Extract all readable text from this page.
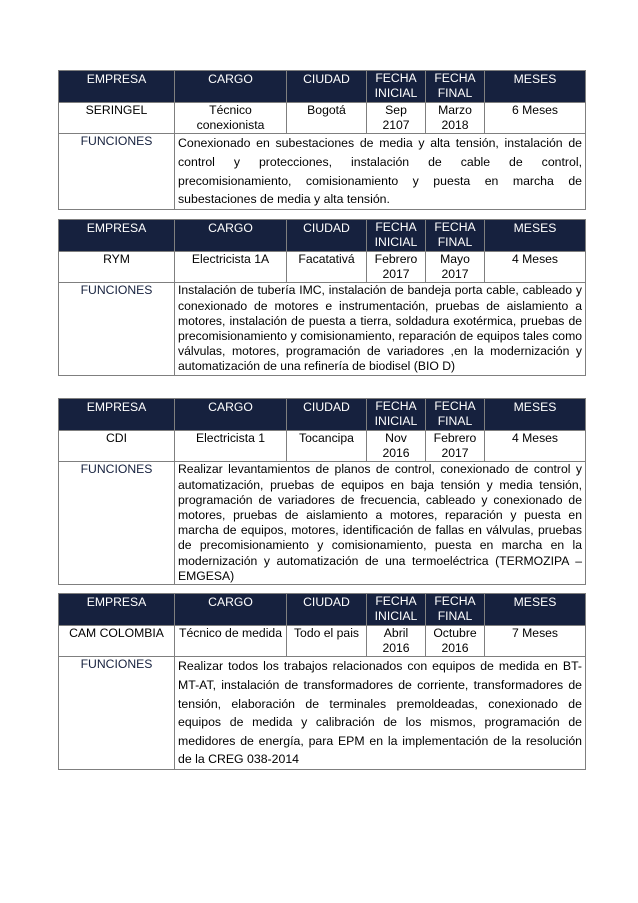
EMPRESA	CARGO	CIUDAD	FECHA INICIAL	FECHA FINAL	MESES
SERINGEL	Técnico conexionista	Bogotá	Sep 2107	Marzo 2018	6 Meses
FUNCIONES	Conexionado en subestaciones de media y alta tensión, instalación de control y protecciones, instalación de cable de control, precomisionamiento, comisionamiento y puesta en marcha de subestaciones de media y alta tensión.				
EMPRESA	CARGO	CIUDAD	FECHA INICIAL	FECHA FINAL	MESES
RYM	Electricista 1A	Facatativá	Febrero 2017	Mayo 2017	4 Meses
FUNCIONES	Instalación de tubería IMC, instalación de bandeja porta cable, cableado y conexionado de motores e instrumentación, pruebas de aislamiento a motores, instalación de puesta a tierra, soldadura exotérmica, pruebas de precomisionamiento y comisionamiento, reparación de equipos tales como válvulas, motores, programación de variadores ,en la modernización y automatización de una refinería de biodisel (BIO D)				
EMPRESA	CARGO	CIUDAD	FECHA INICIAL	FECHA FINAL	MESES
CDI	Electricista 1	Tocancipa	Nov 2016	Febrero 2017	4 Meses
FUNCIONES	Realizar levantamientos de planos de control, conexionado de control y automatización, pruebas de equipos en baja tensión y media tensión, programación de variadores de frecuencia, cableado y conexionado de motores, pruebas de aislamiento a motores, reparación y puesta en marcha de equipos, motores, identificación de fallas en válvulas, pruebas de precomisionamiento y comisionamiento, puesta en marcha en la modernización y automatización de una termoeléctrica (TERMOZIPA – EMGESA)				
EMPRESA	CARGO	CIUDAD	FECHA INICIAL	FECHA FINAL	MESES
CAM COLOMBIA	Técnico de medida	Todo el pais	Abril 2016	Octubre 2016	7 Meses
FUNCIONES	Realizar todos los trabajos relacionados con equipos de medida en BT-MT-AT, instalación de transformadores de corriente, transformadores de tensión, elaboración de terminales premoldeadas, conexionado de equipos de medida y calibración de los mismos, programación de medidores de energía, para EPM en la implementación de la resolución de la CREG 038-2014				
